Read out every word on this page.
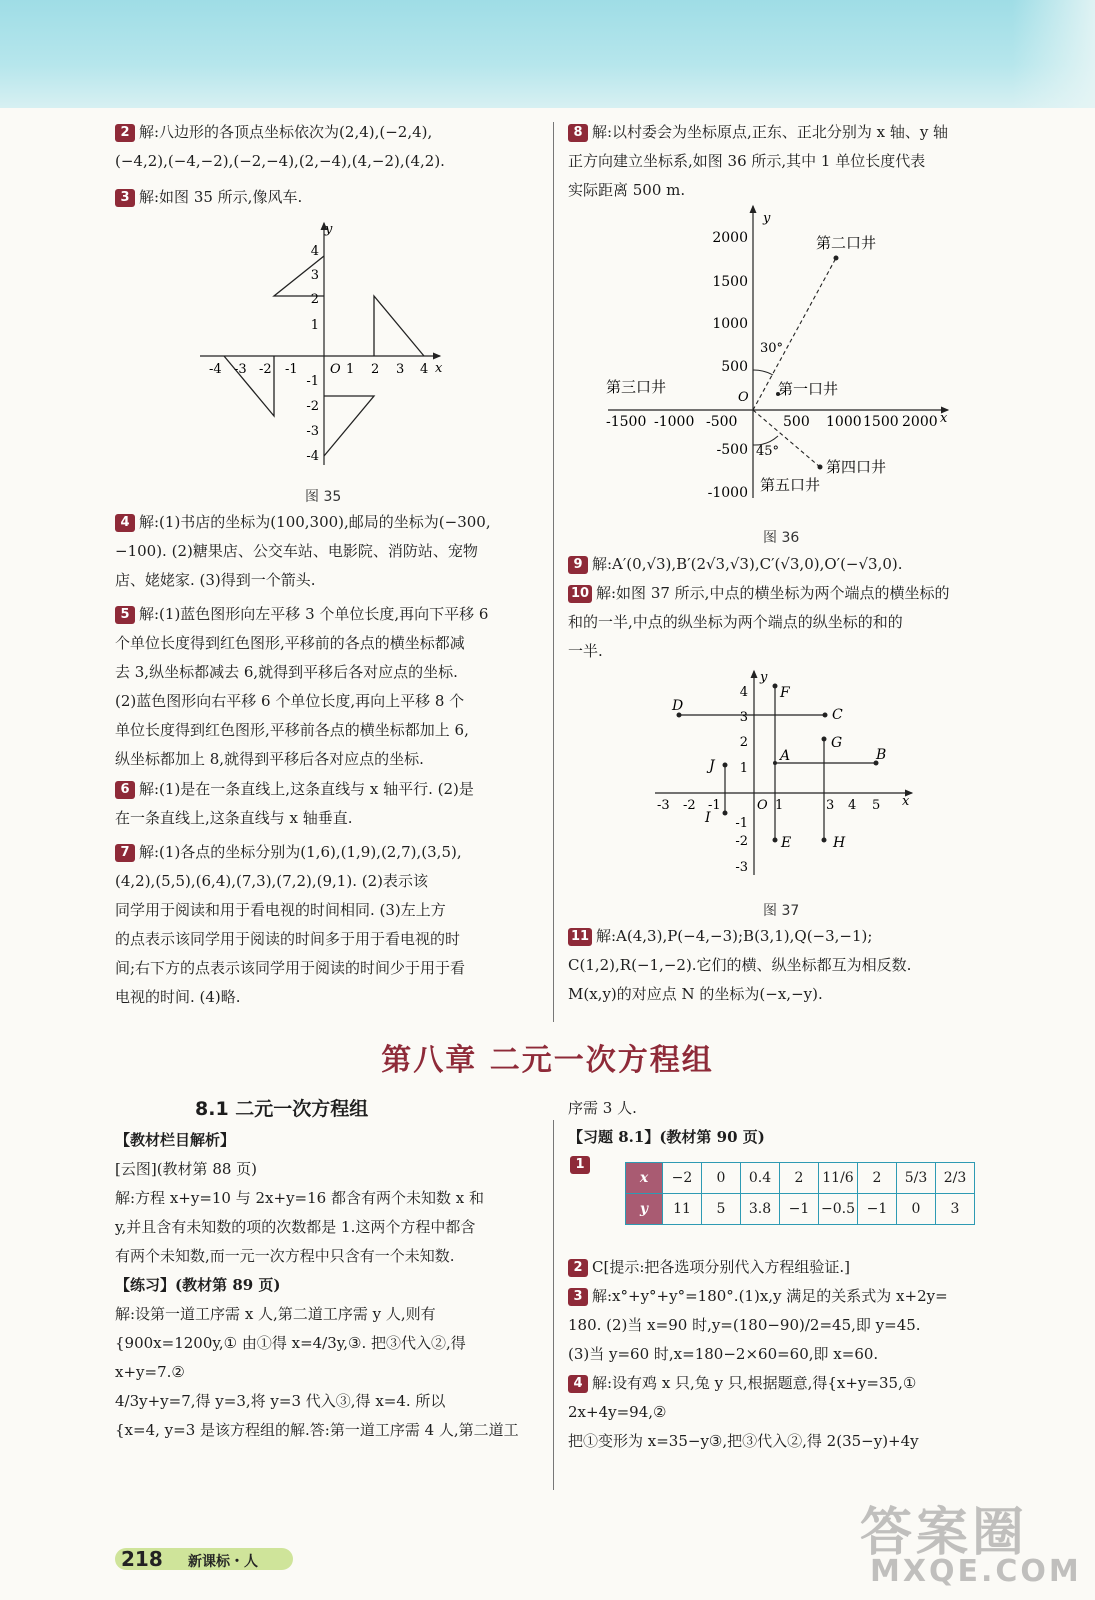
2 解:八边形的各顶点坐标依次为(2,4),(−2,4),

(−4,2),(−4,−2),(−2,−4),(2,−4),(4,−2),(4,2).

3 解:如图 35 所示,像风车.

y
x
-4 -3 -2 -1 O 1 2 3 4
4
3
2
1
-1
-2
-3
-4
图 35

4 解:(1)书店的坐标为(100,300),邮局的坐标为(−300,

−100). (2)糖果店、公交车站、电影院、消防站、宠物

店、姥姥家. (3)得到一个箭头.

5 解:(1)蓝色图形向左平移 3 个单位长度,再向下平移 6

个单位长度得到红色图形,平移前的各点的横坐标都减

去 3,纵坐标都减去 6,就得到平移后各对应点的坐标.

(2)蓝色图形向右平移 6 个单位长度,再向上平移 8 个

单位长度得到红色图形,平移前各点的横坐标都加上 6,

纵坐标都加上 8,就得到平移后各对应点的坐标.

6 解:(1)是在一条直线上,这条直线与 x 轴平行. (2)是

在一条直线上,这条直线与 x 轴垂直.

7 解:(1)各点的坐标分别为(1,6),(1,9),(2,7),(3,5),

(4,2),(5,5),(6,4),(7,3),(7,2),(9,1). (2)表示该

同学用于阅读和用于看电视的时间相同. (3)左上方

的点表示该同学用于阅读的时间多于用于看电视的时

间;右下方的点表示该同学用于阅读的时间少于用于看

电视的时间. (4)略.

8 解:以村委会为坐标原点,正东、正北分别为 x 轴、y 轴

正方向建立坐标系,如图 36 所示,其中 1 单位长度代表

实际距离 500 m.

y
x
O
2000
1500
1000
500
-500
-1000
-1500 -1000 -500	500 1000 1500 2000
第二口井
第三口井	第一口井
第四口井
第五口井
30°
45°
图 36

9 解:A′(0,√3),B′(2√3,√3),C′(√3,0),O′(−√3,0).

10 解:如图 37 所示,中点的横坐标为两个端点的横坐标的

和的一半,中点的纵坐标为两个端点的纵坐标的和的

一半.

D
C
F
A	B
G
J
I
E	H
y
x
-3 -2 -1	O 1	3 4 5
4
3
2
1
-1
-2
-3
图 37

11 解:A(4,3),P(−4,−3);B(3,1),Q(−3,−1);

C(1,2),R(−1,−2).它们的横、纵坐标都互为相反数.

M(x,y)的对应点 N 的坐标为(−x,−y).

第八章 二元一次方程组
8.1 二元一次方程组

【教材栏目解析】

[云图](教材第 88 页)

解:方程 x+y=10 与 2x+y=16 都含有两个未知数 x 和

y,并且含有未知数的项的次数都是 1.这两个方程中都含

有两个未知数,而一元一次方程中只含有一个未知数.

【练习】(教材第 89 页)

解:设第一道工序需 x 人,第二道工序需 y 人,则有

{900x=1200y,① 由①得 x=4/3y,③. 把③代入②,得

x+y=7.②

4/3y+y=7,得 y=3,将 y=3 代入③,得 x=4. 所以

{x=4, y=3 是该方程组的解.答:第一道工序需 4 人,第二道工

序需 3 人.

【习题 8.1】(教材第 90 页)

1
x	−2	0	0.4	2	11/6	2	5/3	2/3
y	11	5	3.8	−1	−0.5	−1	0	3

2 C[提示:把各选项分别代入方程组验证.]

3 解:x°+y°+y°=180°.(1)x,y 满足的关系式为 x+2y=

180. (2)当 x=90 时,y=(180−90)/2=45,即 y=45.

(3)当 y=60 时,x=180−2×60=60,即 x=60.

4 解:设有鸡 x 只,兔 y 只,根据题意,得{x+y=35,① 2x+4y=94,②

把①变形为 x=35−y③,把③代入②,得 2(35−y)+4y

218 新课标・人	答案圈
MXQE.COM
